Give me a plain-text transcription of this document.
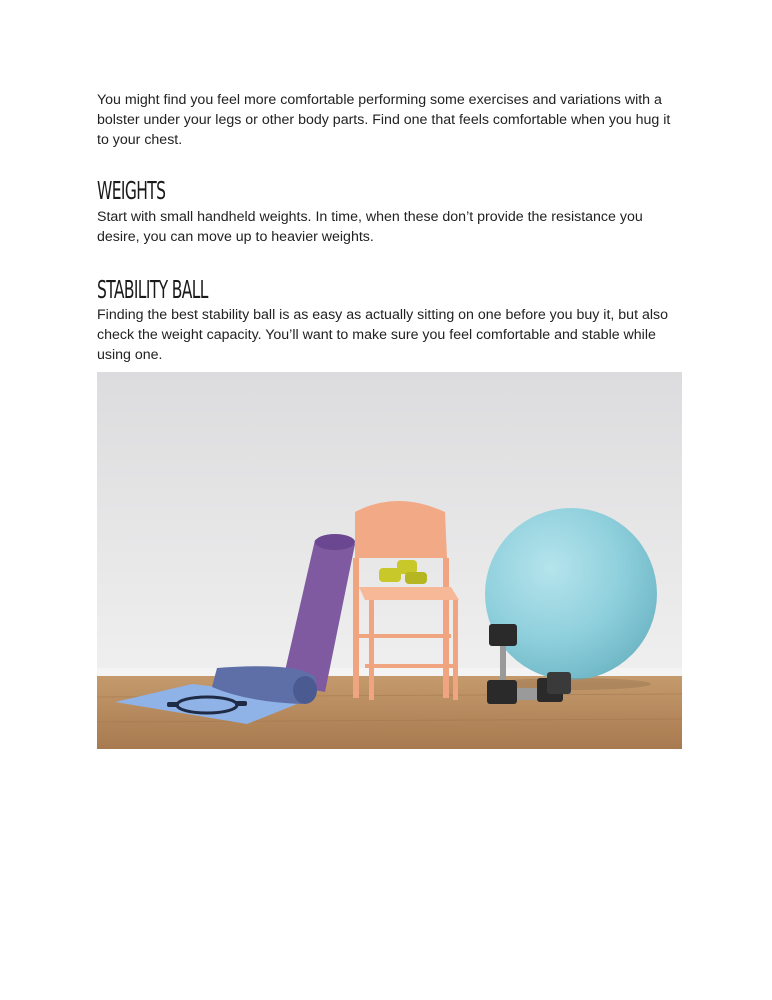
You might find you feel more comfortable performing some exercises and variations with a bolster under your legs or other body parts. Find one that feels comfortable when you hug it to your chest.

WEIGHTS

Start with small handheld weights. In time, when these don’t provide the resistance you desire, you can move up to heavier weights.

STABILITY BALL

Finding the best stability ball is as easy as actually sitting on one before you buy it, but also check the weight capacity. You’ll want to make sure you feel comfortable and stable while using one.
